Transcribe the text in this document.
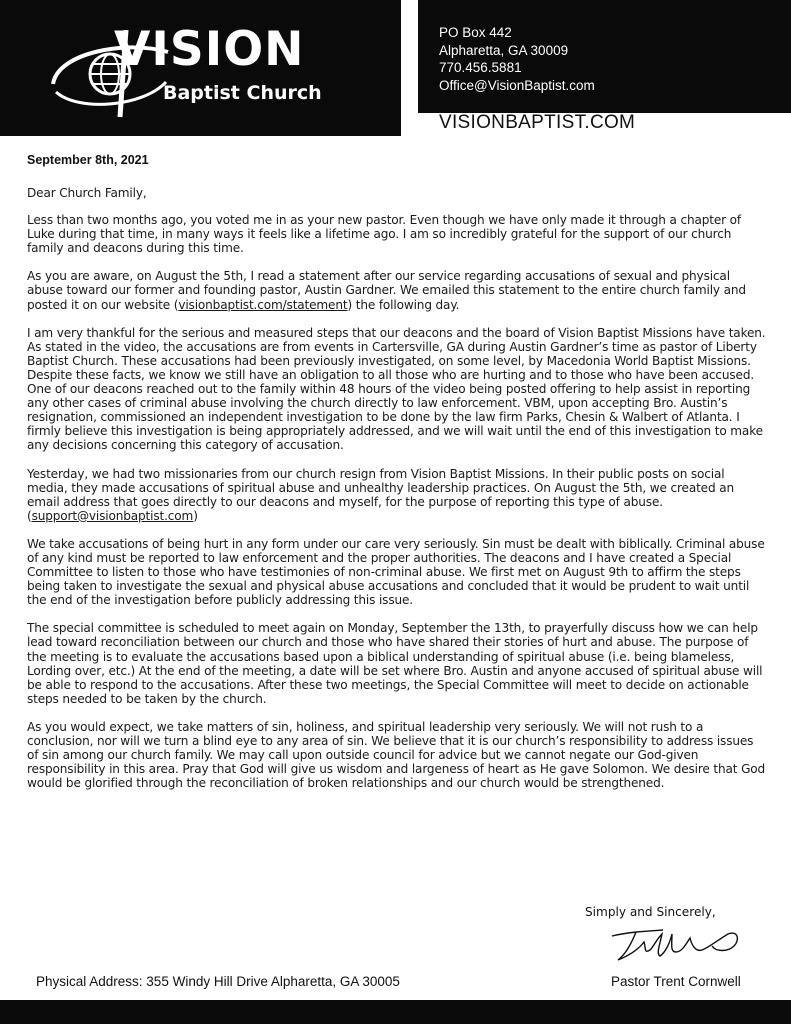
VISION
Baptist Church
PO Box 442
Alpharetta, GA 30009
770.456.5881
Office@VisionBaptist.com
VISIONBAPTIST.COM
September 8th, 2021

Dear Church Family,

Less than two months ago, you voted me in as your new pastor. Even though we have only made it through a chapter of Luke during that time, in many ways it feels like a lifetime ago. I am so incredibly grateful for the support of our church family and deacons during this time.

As you are aware, on August the 5th, I read a statement after our service regarding accusations of sexual and physical abuse toward our former and founding pastor, Austin Gardner. We emailed this statement to the entire church family and posted it on our website (visionbaptist.com/statement) the following day.

I am very thankful for the serious and measured steps that our deacons and the board of Vision Baptist Missions have taken. As stated in the video, the accusations are from events in Cartersville, GA during Austin Gardner’s time as pastor of Liberty Baptist Church. These accusations had been previously investigated, on some level, by Macedonia World Baptist Missions. Despite these facts, we know we still have an obligation to all those who are hurting and to those who have been accused. One of our deacons reached out to the family within 48 hours of the video being posted offering to help assist in reporting any other cases of criminal abuse involving the church directly to law enforcement. VBM, upon accepting Bro. Austin’s resignation, commissioned an independent investigation to be done by the law firm Parks, Chesin & Walbert of Atlanta. I firmly believe this investigation is being appropriately addressed, and we will wait until the end of this investigation to make any decisions concerning this category of accusation.

Yesterday, we had two missionaries from our church resign from Vision Baptist Missions. In their public posts on social media, they made accusations of spiritual abuse and unhealthy leadership practices. On August the 5th, we created an email address that goes directly to our deacons and myself, for the purpose of reporting this type of abuse. (support@visionbaptist.com)

We take accusations of being hurt in any form under our care very seriously. Sin must be dealt with biblically. Criminal abuse of any kind must be reported to law enforcement and the proper authorities. The deacons and I have created a Special Committee to listen to those who have testimonies of non-criminal abuse. We first met on August 9th to affirm the steps being taken to investigate the sexual and physical abuse accusations and concluded that it would be prudent to wait until the end of the investigation before publicly addressing this issue.

The special committee is scheduled to meet again on Monday, September the 13th, to prayerfully discuss how we can help lead toward reconciliation between our church and those who have shared their stories of hurt and abuse. The purpose of the meeting is to evaluate the accusations based upon a biblical understanding of spiritual abuse (i.e. being blameless, Lording over, etc.) At the end of the meeting, a date will be set where Bro. Austin and anyone accused of spiritual abuse will be able to respond to the accusations. After these two meetings, the Special Committee will meet to decide on actionable steps needed to be taken by the church.

As you would expect, we take matters of sin, holiness, and spiritual leadership very seriously. We will not rush to a conclusion, nor will we turn a blind eye to any area of sin. We believe that it is our church’s responsibility to address issues of sin among our church family. We may call upon outside council for advice but we cannot negate our God-given responsibility in this area. Pray that God will give us wisdom and largeness of heart as He gave Solomon. We desire that God would be glorified through the reconciliation of broken relationships and our church would be strengthened.

Simply and Sincerely,
Physical Address: 355 Windy Hill Drive Alpharetta, GA 30005	Pastor Trent Cornwell
